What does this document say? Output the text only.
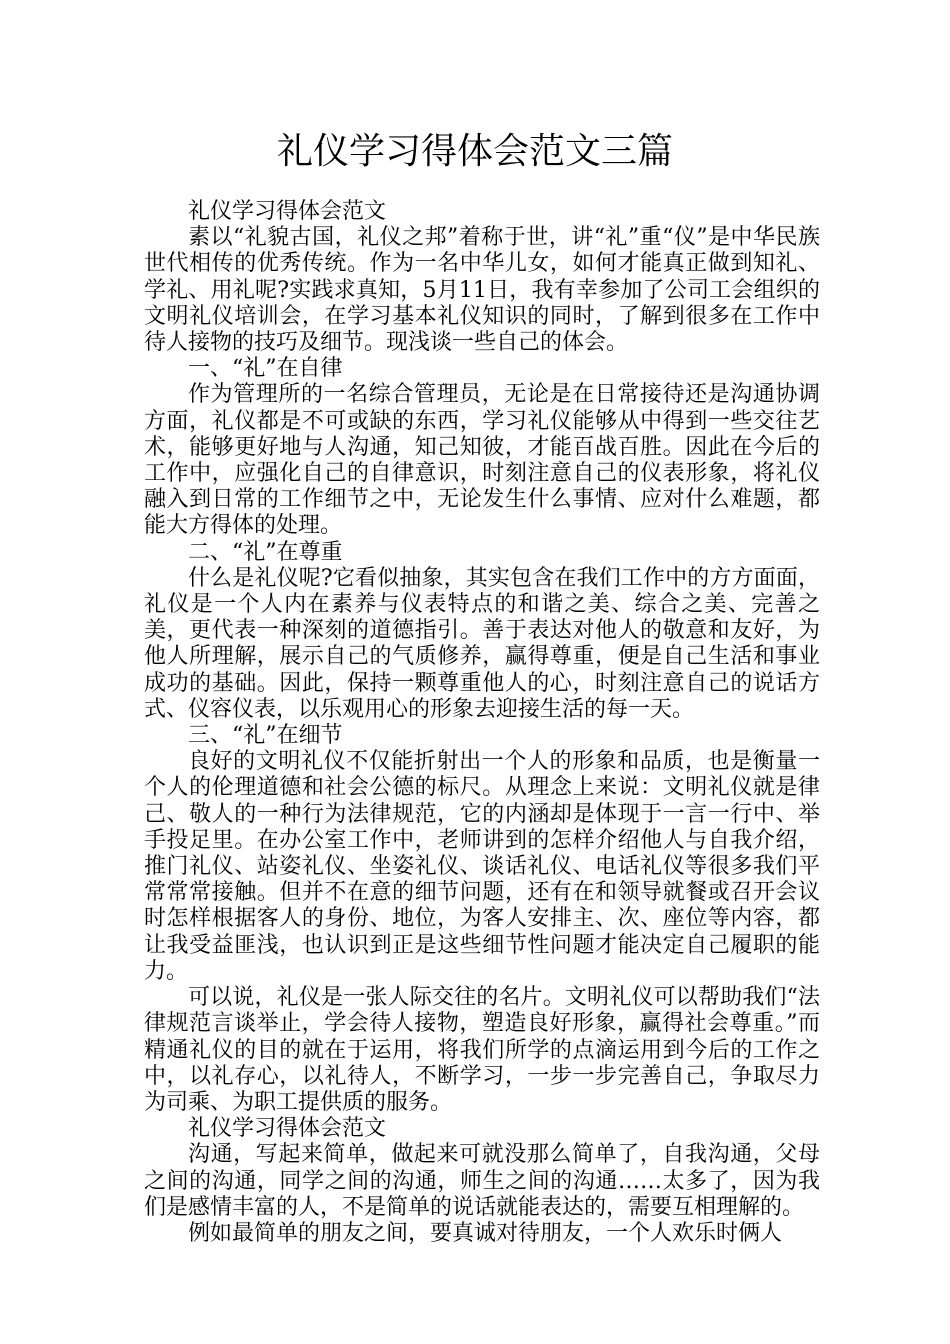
礼仪学习得体会范文三篇

礼仪学习得体会范文

素以“礼貌古国，礼仪之邦”着称于世，讲“礼”重“仪”是中华民族世代相传的优秀传统。作为一名中华儿女，如何才能真正做到知礼、学礼、用礼呢?实践求真知，5月11日，我有幸参加了公司工会组织的文明礼仪培训会，在学习基本礼仪知识的同时，了解到很多在工作中待人接物的技巧及细节。现浅谈一些自己的体会。

一、“礼”在自律

作为管理所的一名综合管理员，无论是在日常接待还是沟通协调方面，礼仪都是不可或缺的东西，学习礼仪能够从中得到一些交往艺术，能够更好地与人沟通，知己知彼，才能百战百胜。因此在今后的工作中，应强化自己的自律意识，时刻注意自己的仪表形象，将礼仪融入到日常的工作细节之中，无论发生什么事情、应对什么难题，都能大方得体的处理。

二、“礼”在尊重

什么是礼仪呢?它看似抽象，其实包含在我们工作中的方方面面，礼仪是一个人内在素养与仪表特点的和谐之美、综合之美、完善之美，更代表一种深刻的道德指引。善于表达对他人的敬意和友好，为他人所理解，展示自己的气质修养，赢得尊重，便是自己生活和事业成功的基础。因此，保持一颗尊重他人的心，时刻注意自己的说话方式、仪容仪表，以乐观用心的形象去迎接生活的每一天。

三、“礼”在细节

良好的文明礼仪不仅能折射出一个人的形象和品质，也是衡量一个人的伦理道德和社会公德的标尺。从理念上来说：文明礼仪就是律己、敬人的一种行为法律规范，它的内涵却是体现于一言一行中、举手投足里。在办公室工作中，老师讲到的怎样介绍他人与自我介绍，推门礼仪、站姿礼仪、坐姿礼仪、谈话礼仪、电话礼仪等很多我们平常常常接触。但并不在意的细节问题，还有在和领导就餐或召开会议时怎样根据客人的身份、地位，为客人安排主、次、座位等内容，都让我受益匪浅，也认识到正是这些细节性问题才能决定自己履职的能力。

可以说，礼仪是一张人际交往的名片。文明礼仪可以帮助我们“法律规范言谈举止，学会待人接物，塑造良好形象，赢得社会尊重。”而精通礼仪的目的就在于运用，将我们所学的点滴运用到今后的工作之中，以礼存心，以礼待人，不断学习，一步一步完善自己，争取尽力为司乘、为职工提供质的服务。

礼仪学习得体会范文

沟通，写起来简单，做起来可就没那么简单了，自我沟通，父母之间的沟通，同学之间的沟通，师生之间的沟通……太多了，因为我们是感情丰富的人，不是简单的说话就能表达的，需要互相理解的。

例如最简单的朋友之间，要真诚对待朋友，一个人欢乐时俩人
